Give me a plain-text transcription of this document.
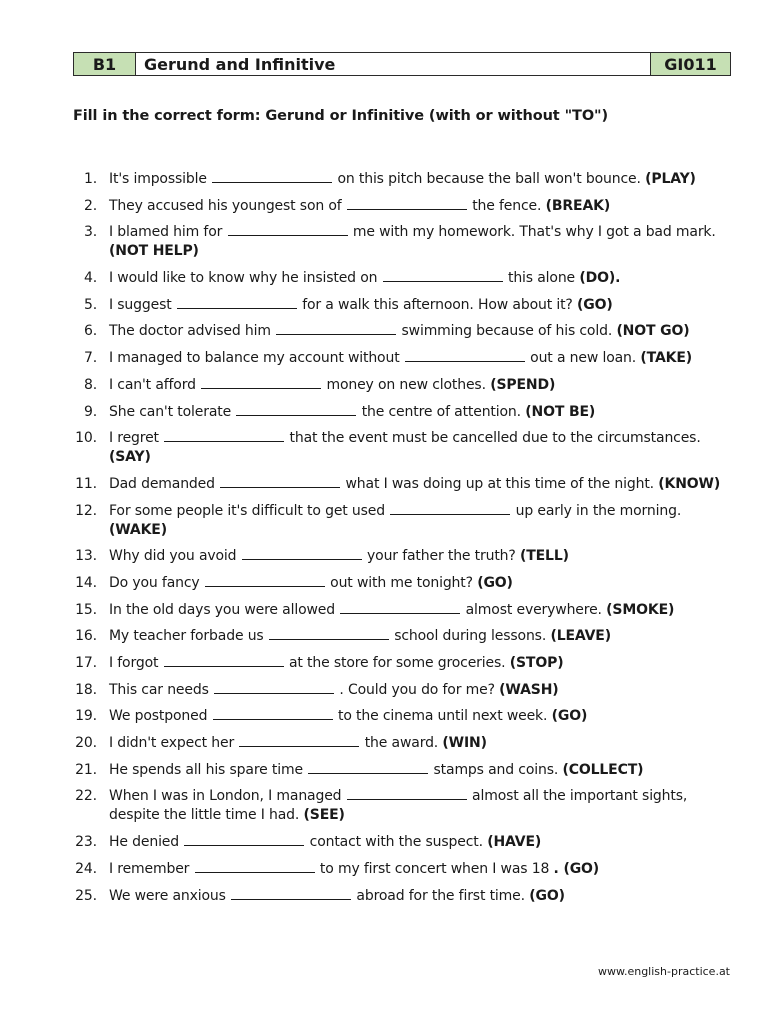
B1	Gerund and Infinitive	GI011
Fill in the correct form: Gerund or Infinitive (with or without "TO")
1. It's impossible	on this pitch because the ball won't bounce. (PLAY)
2. They accused his youngest son of	the fence. (BREAK)
3. I blamed him for	me with my homework. That's why I got a bad mark. (NOT HELP)
4. I would like to know why he insisted on	this alone (DO).
5. I suggest	for a walk this afternoon. How about it? (GO)
6. The doctor advised him	swimming because of his cold. (NOT GO)
7. I managed to balance my account without	out a new loan. (TAKE)
8. I can't afford	money on new clothes. (SPEND)
9. She can't tolerate	the centre of attention. (NOT BE)
10. I regret	that the event must be cancelled due to the circumstances. (SAY)
11. Dad demanded	what I was doing up at this time of the night. (KNOW)
12. For some people it's difficult to get used	up early in the morning. (WAKE)
13. Why did you avoid	your father the truth? (TELL)
14. Do you fancy	out with me tonight? (GO)
15. In the old days you were allowed	almost everywhere. (SMOKE)
16. My teacher forbade us	school during lessons. (LEAVE)
17. I forgot	at the store for some groceries. (STOP)
18. This car needs	. Could you do for me? (WASH)
19. We postponed	to the cinema until next week. (GO)
20. I didn't expect her	the award. (WIN)
21. He spends all his spare time	stamps and coins. (COLLECT)
22. When I was in London, I managed	almost all the important sights, despite the little time I had. (SEE)
23. He denied	contact with the suspect. (HAVE)
24. I remember	to my first concert when I was 18 . (GO)
25. We were anxious	abroad for the first time. (GO)
www.english-practice.at
